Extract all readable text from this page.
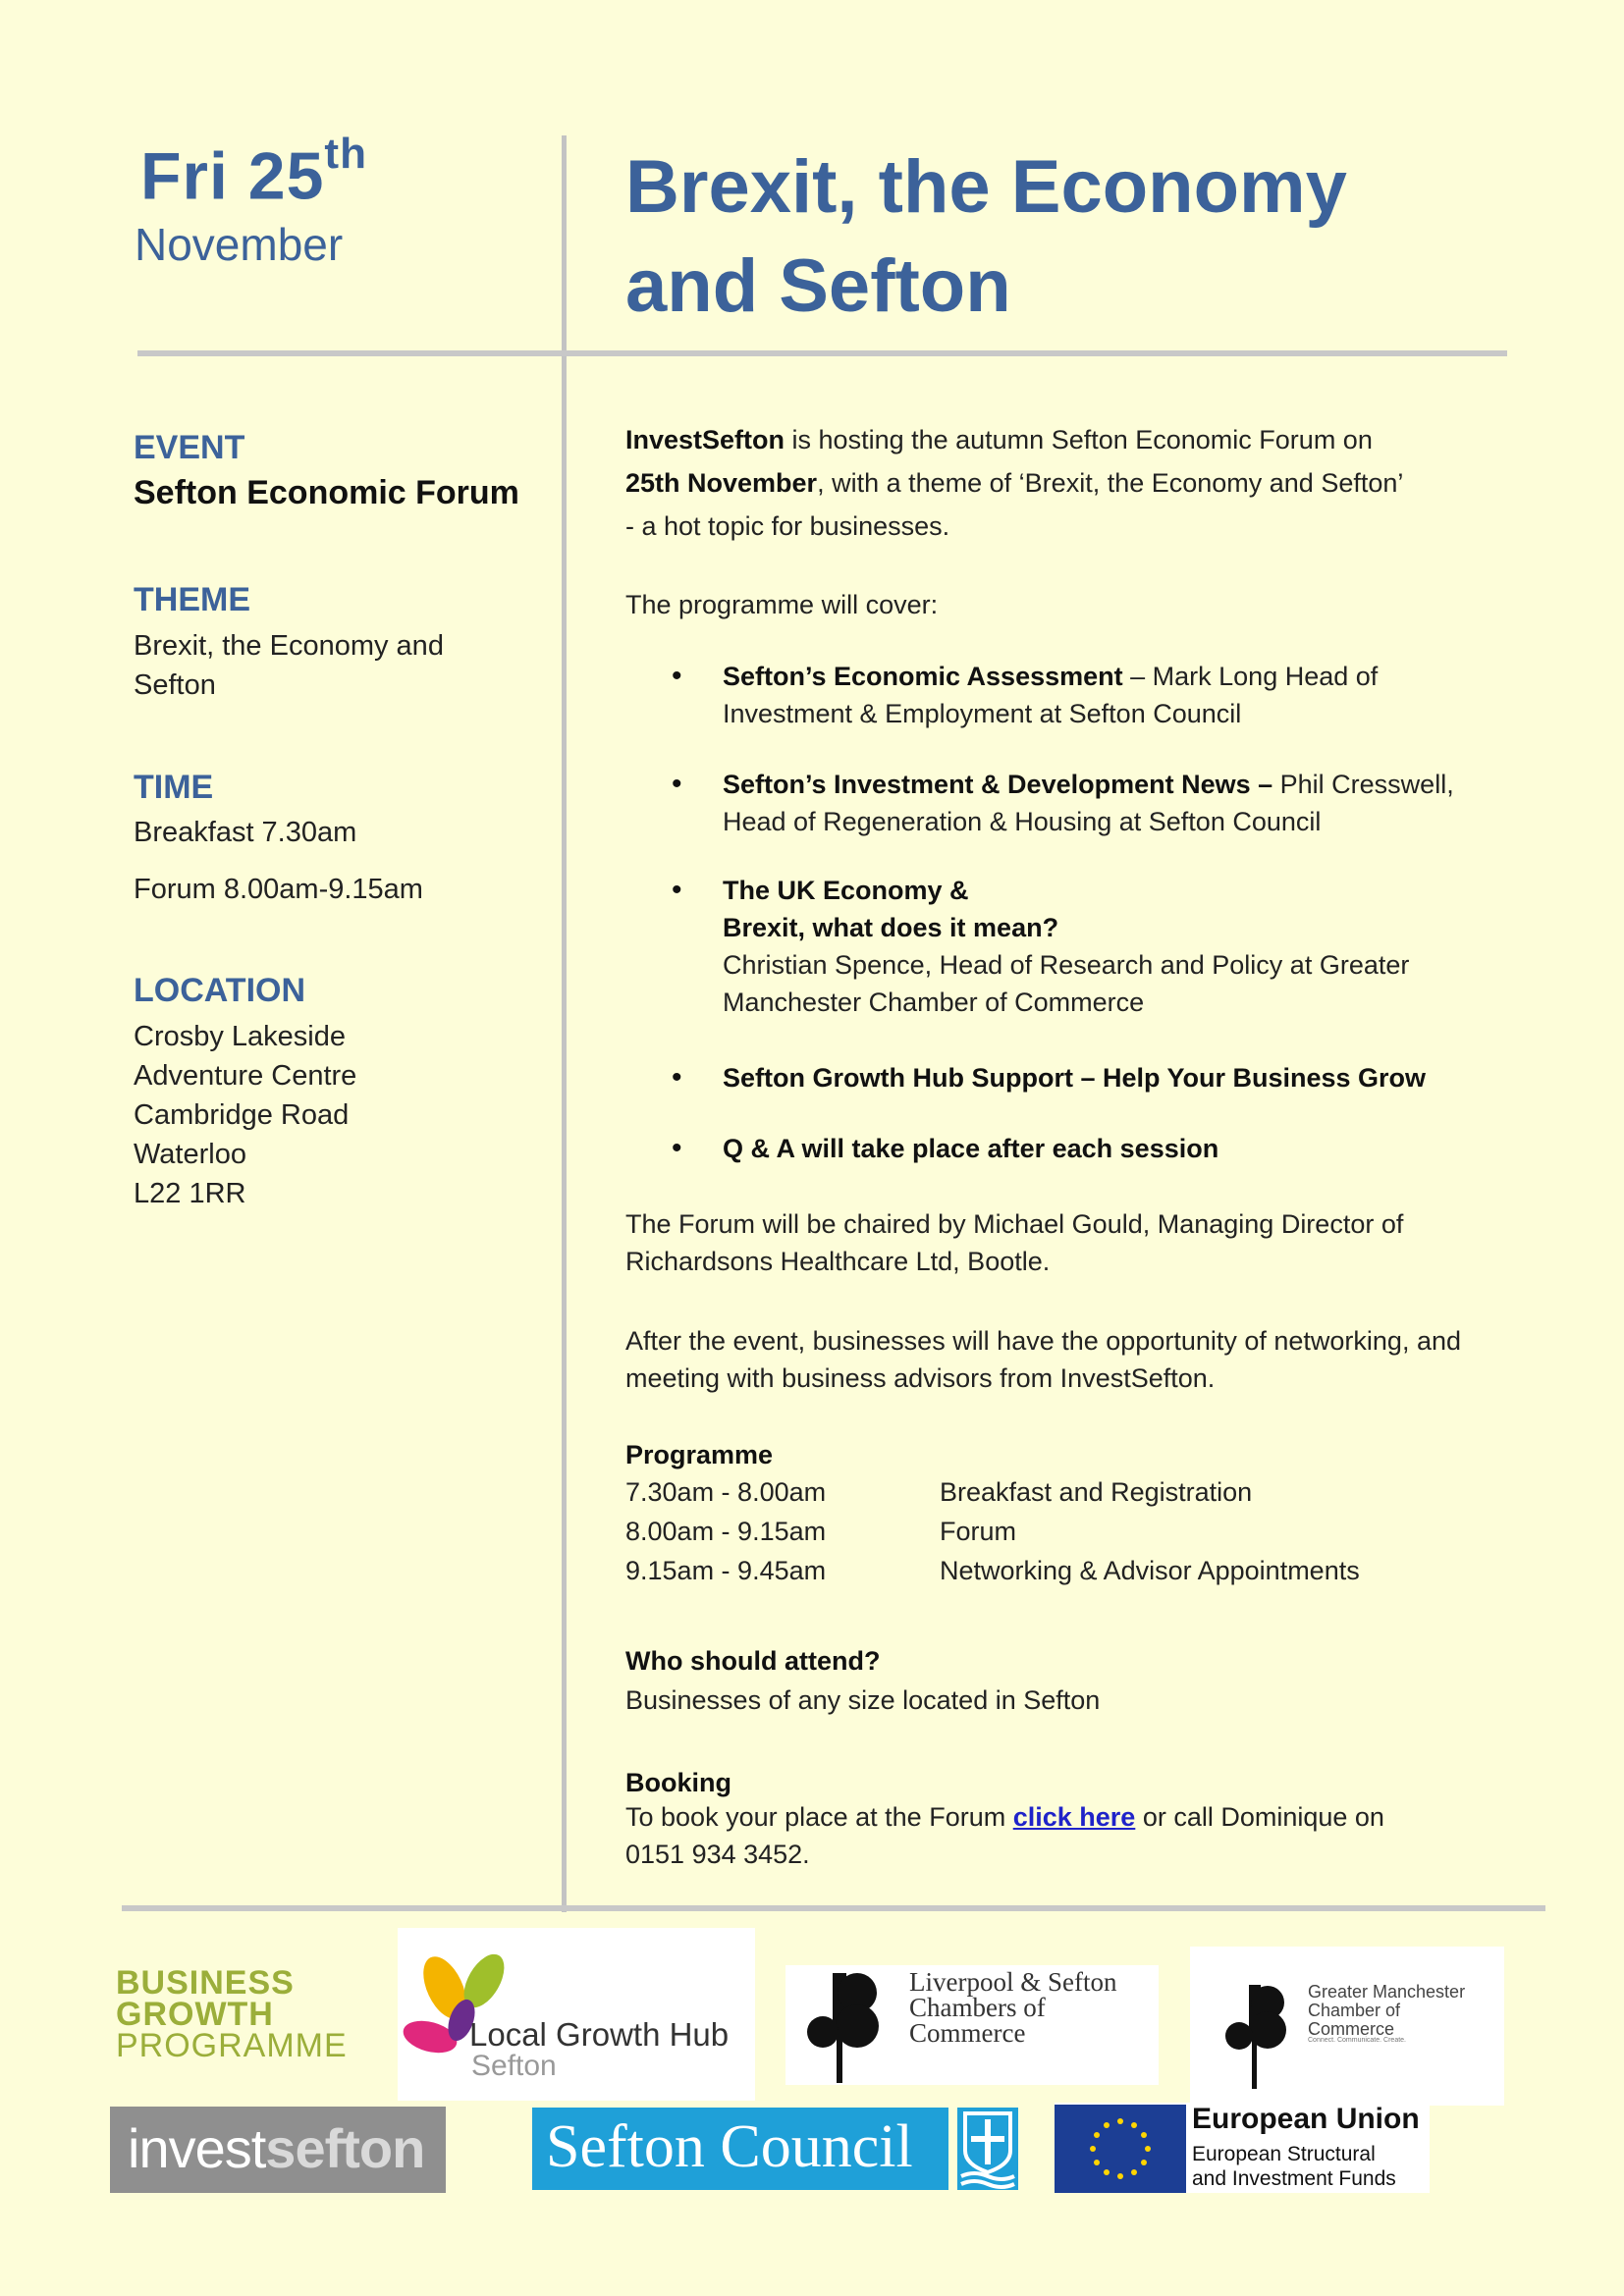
Fri 25th
November
Brexit, the Economy and Sefton
EVENT
Sefton Economic Forum
THEME
Brexit, the Economy and Sefton
TIME
Breakfast 7.30am
Forum 8.00am-9.15am
LOCATION
Crosby Lakeside
Adventure Centre
Cambridge Road
Waterloo
L22 1RR
InvestSefton is hosting the autumn Sefton Economic Forum on
25th November, with a theme of ‘Brexit, the Economy and Sefton’
- a hot topic for businesses.
The programme will cover:
• Sefton’s Economic Assessment – Mark Long Head of Investment & Employment at Sefton Council
• Sefton’s Investment & Development News – Phil Cresswell, Head of Regeneration & Housing at Sefton Council
• The UK Economy &
Brexit, what does it mean?
Christian Spence, Head of Research and Policy at Greater Manchester Chamber of Commerce
• Sefton Growth Hub Support – Help Your Business Grow
• Q & A will take place after each session
The Forum will be chaired by Michael Gould, Managing Director of Richardsons Healthcare Ltd, Bootle.
After the event, businesses will have the opportunity of networking, and meeting with business advisors from InvestSefton.
Programme
7.30am - 8.00am	Breakfast and Registration
8.00am - 9.15am	Forum
9.15am - 9.45am	Networking & Advisor Appointments
Who should attend?
Businesses of any size located in Sefton
Booking
To book your place at the Forum click here or call Dominique on
0151 934 3452.
BUSINESS
GROWTH
PROGRAMME	Local Growth Hub
Sefton
Liverpool & Sefton
Chambers of
Commerce
Greater Manchester
Chamber of
Commerce
Connect. Communicate. Create.
investsefton Sefton Council	European Union
European Structural
and Investment Funds
